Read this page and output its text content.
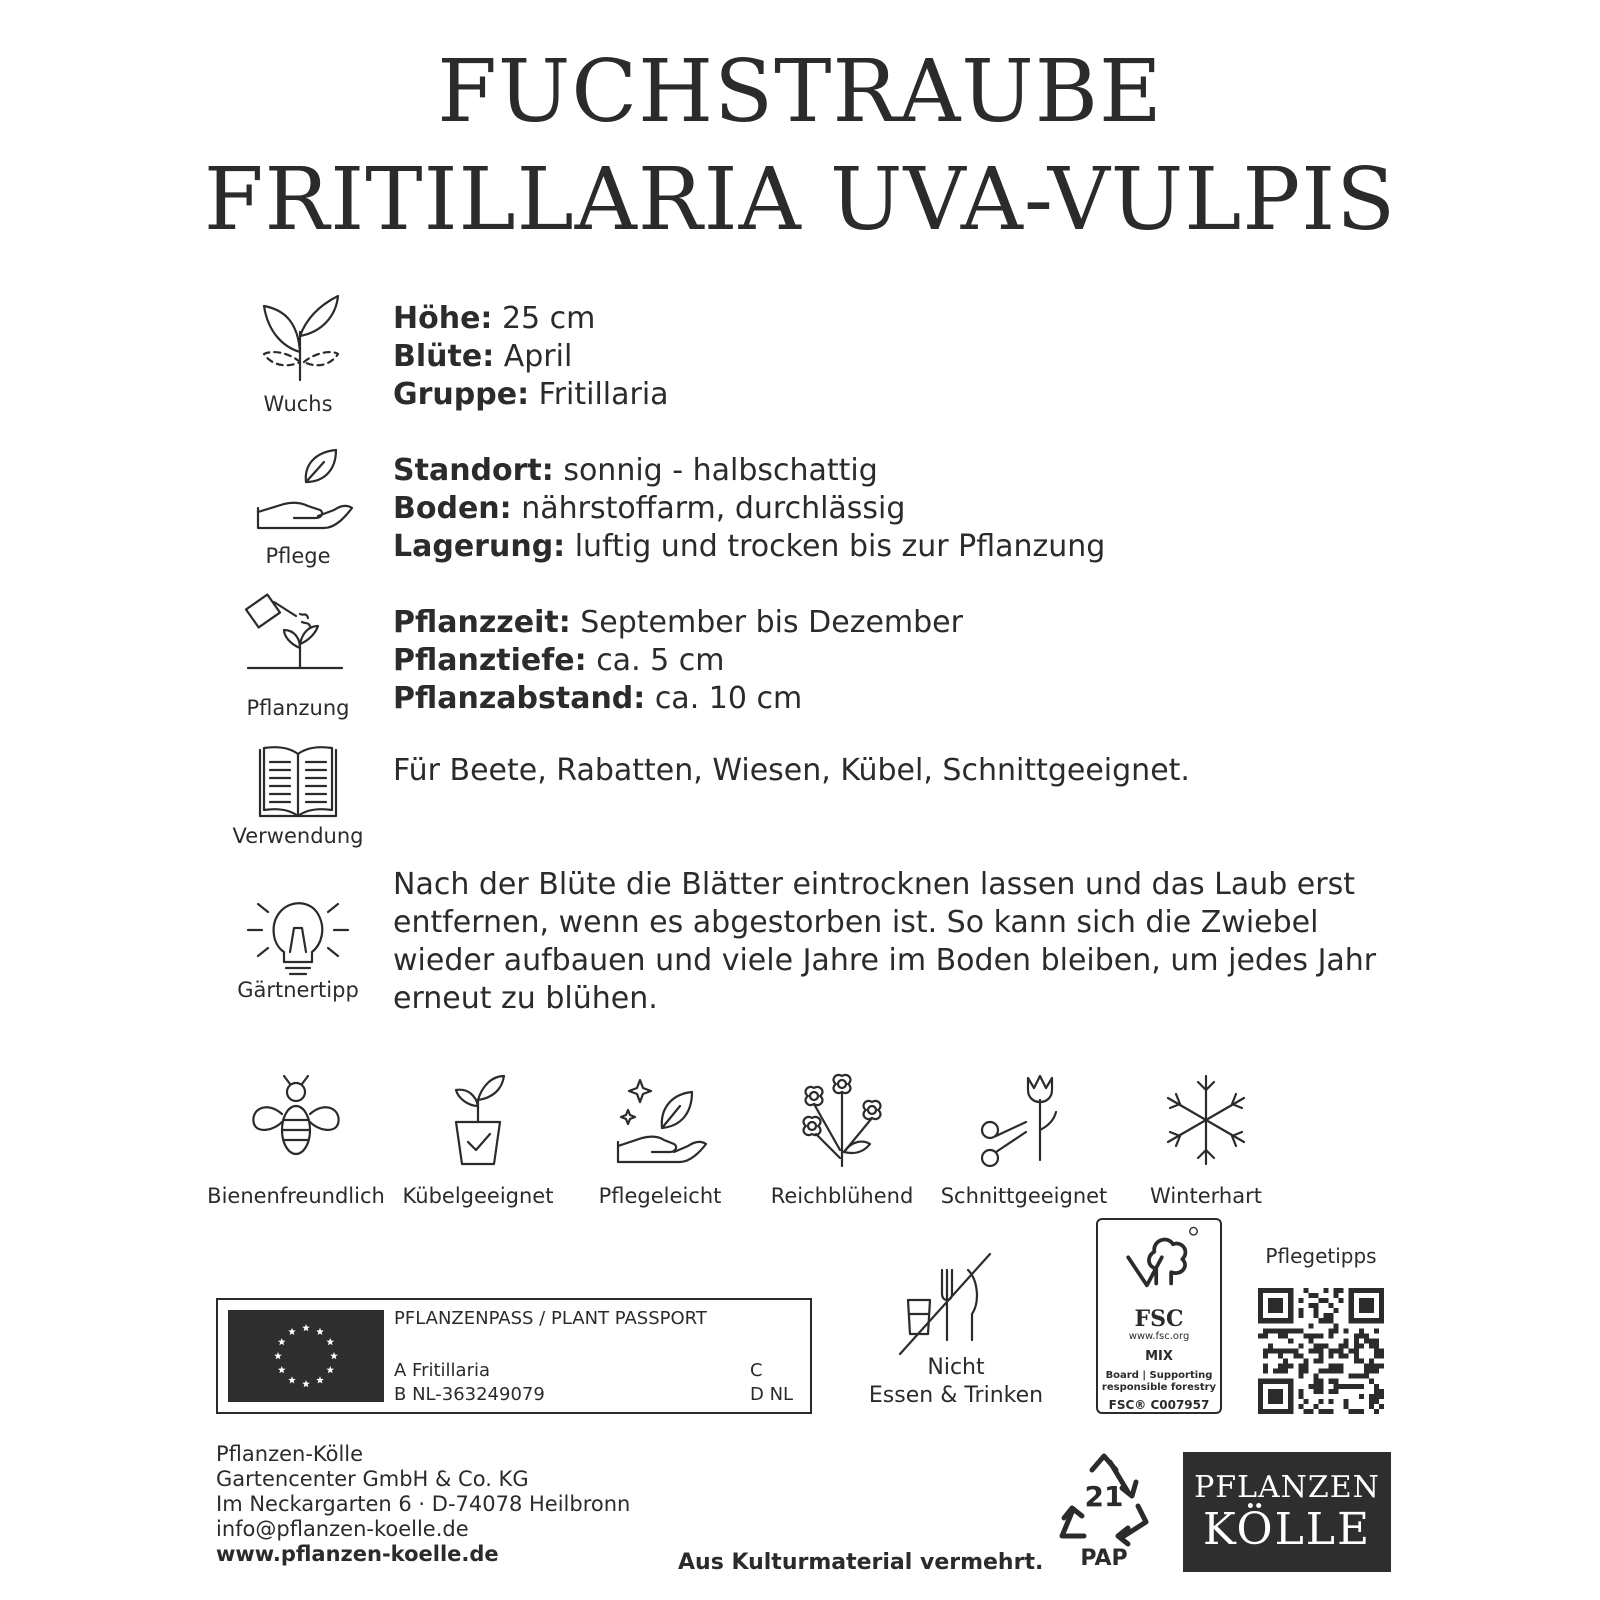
FUCHSTRAUBE
FRITILLARIA UVA-VULPIS
Wuchs
Höhe: 25 cm
Blüte: April
Gruppe: Fritillaria
Pflege
Standort: sonnig - halbschattig
Boden: nährstoffarm, durchlässig
Lagerung: luftig und trocken bis zur Pflanzung
Pflanzung
Pflanzzeit: September bis Dezember
Pflanztiefe: ca. 5 cm
Pflanzabstand: ca. 10 cm
Verwendung
Für Beete, Rabatten, Wiesen, Kübel, Schnittgeeignet.
Gärtnertipp
Nach der Blüte die Blätter eintrocknen lassen und das Laub erst
entfernen, wenn es abgestorben ist. So kann sich die Zwiebel
wieder aufbauen und viele Jahre im Boden bleiben, um jedes Jahr
erneut zu blühen.
Bienenfreundlich Kübelgeeignet	Pflegeleicht	Reichblühend	Schnittgeeignet	Winterhart
PFLANZENPASS / PLANT PASSPORT
A Fritillaria
B NL-363249079
C
D NL
Nicht
Essen & Trinken
FSC
www.fsc.org
MIX
Board | Supporting
responsible forestry
FSC® C007957
Pflegetipps
Pflanzen-Kölle
Gartencenter GmbH & Co. KG
Im Neckargarten 6 · D-74078 Heilbronn
info@pflanzen-koelle.de
www.pflanzen-koelle.de	Aus Kulturmaterial vermehrt.
21
PAP
PFLANZEN
KÖLLE
